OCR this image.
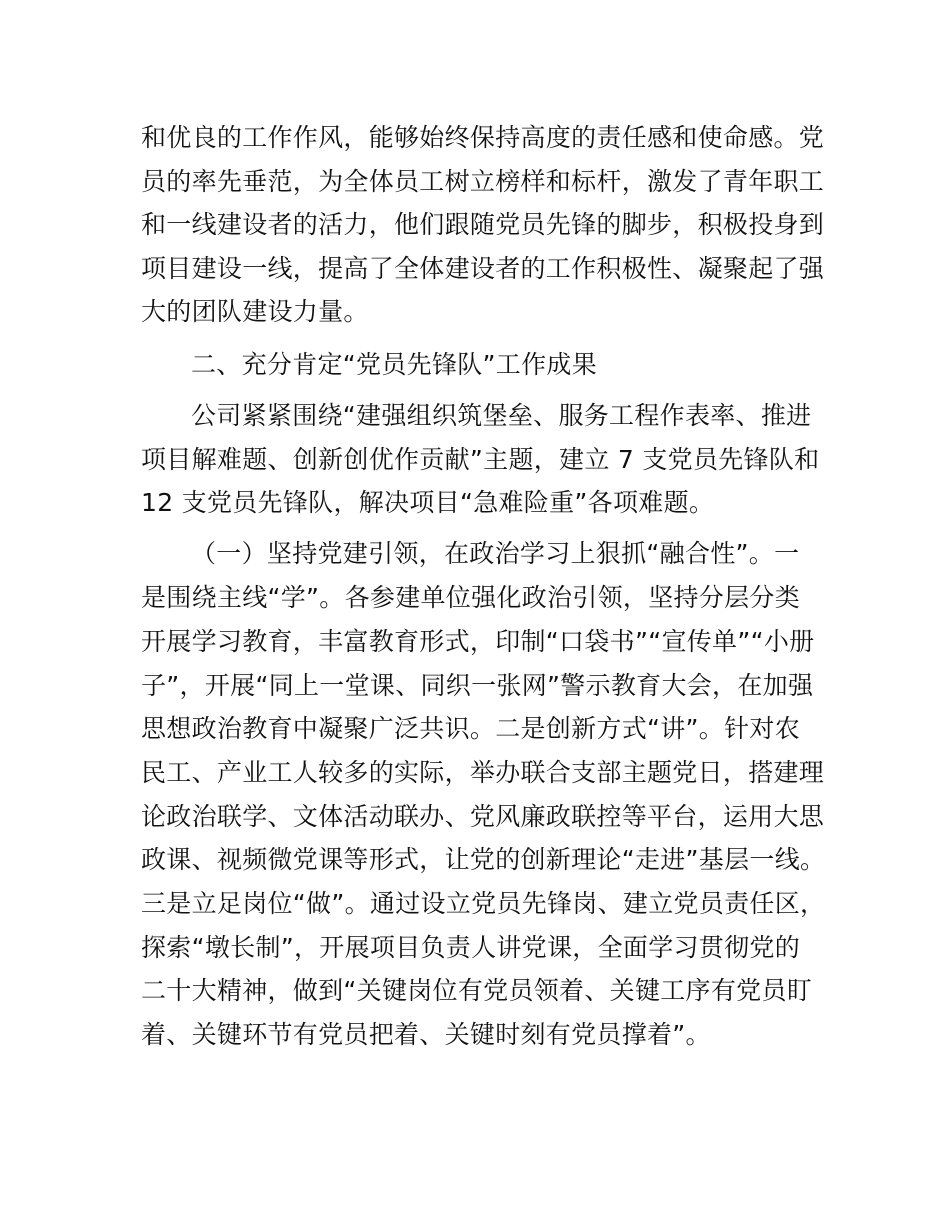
和优良的工作作风，能够始终保持高度的责任感和使命感。党
员的率先垂范，为全体员工树立榜样和标杆，激发了青年职工
和一线建设者的活力，他们跟随党员先锋的脚步，积极投身到
项目建设一线，提高了全体建设者的工作积极性、凝聚起了强
大的团队建设力量。
二、充分肯定“党员先锋队”工作成果
公司紧紧围绕“建强组织筑堡垒、服务工程作表率、推进
项目解难题、创新创优作贡献”主题，建立 7 支党员先锋队和
12 支党员先锋队，解决项目“急难险重”各项难题。
（一）坚持党建引领，在政治学习上狠抓“融合性”。一
是围绕主线“学”。各参建单位强化政治引领，坚持分层分类
开展学习教育，丰富教育形式，印制“口袋书”“宣传单”“小册
子”，开展“同上一堂课、同织一张网”警示教育大会，在加强
思想政治教育中凝聚广泛共识。二是创新方式“讲”。针对农
民工、产业工人较多的实际，举办联合支部主题党日，搭建理
论政治联学、文体活动联办、党风廉政联控等平台，运用大思
政课、视频微党课等形式，让党的创新理论“走进”基层一线。
三是立足岗位“做”。通过设立党员先锋岗、建立党员责任区，
探索“墩长制”，开展项目负责人讲党课，全面学习贯彻党的
二十大精神，做到“关键岗位有党员领着、关键工序有党员盯
着、关键环节有党员把着、关键时刻有党员撑着”。
